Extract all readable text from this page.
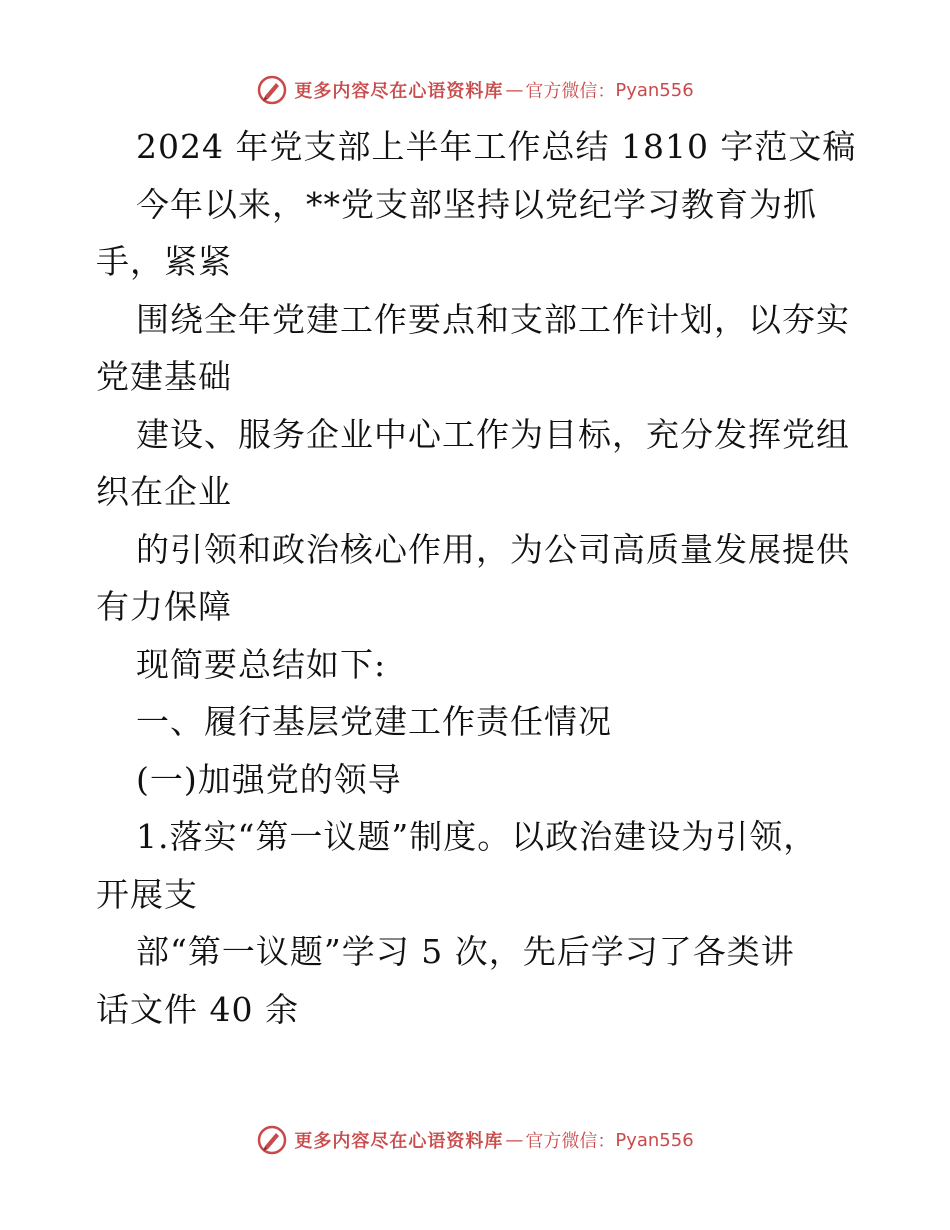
更多内容尽在心语资料库 — 官方微信： Pyan556
2024 年党支部上半年工作总结 1810 字范文稿
今年以来，**党支部坚持以党纪学习教育为抓
手，紧紧
围绕全年党建工作要点和支部工作计划，以夯实
党建基础
建设、服务企业中心工作为目标，充分发挥党组
织在企业
的引领和政治核心作用，为公司高质量发展提供
有力保障
现简要总结如下:
一、履行基层党建工作责任情况
(一)加强党的领导
1.落实“第一议题”制度。以政治建设为引领，
开展支
部“第一议题”学习 5 次，先后学习了各类讲
话文件 40 余
更多内容尽在心语资料库 — 官方微信： Pyan556
